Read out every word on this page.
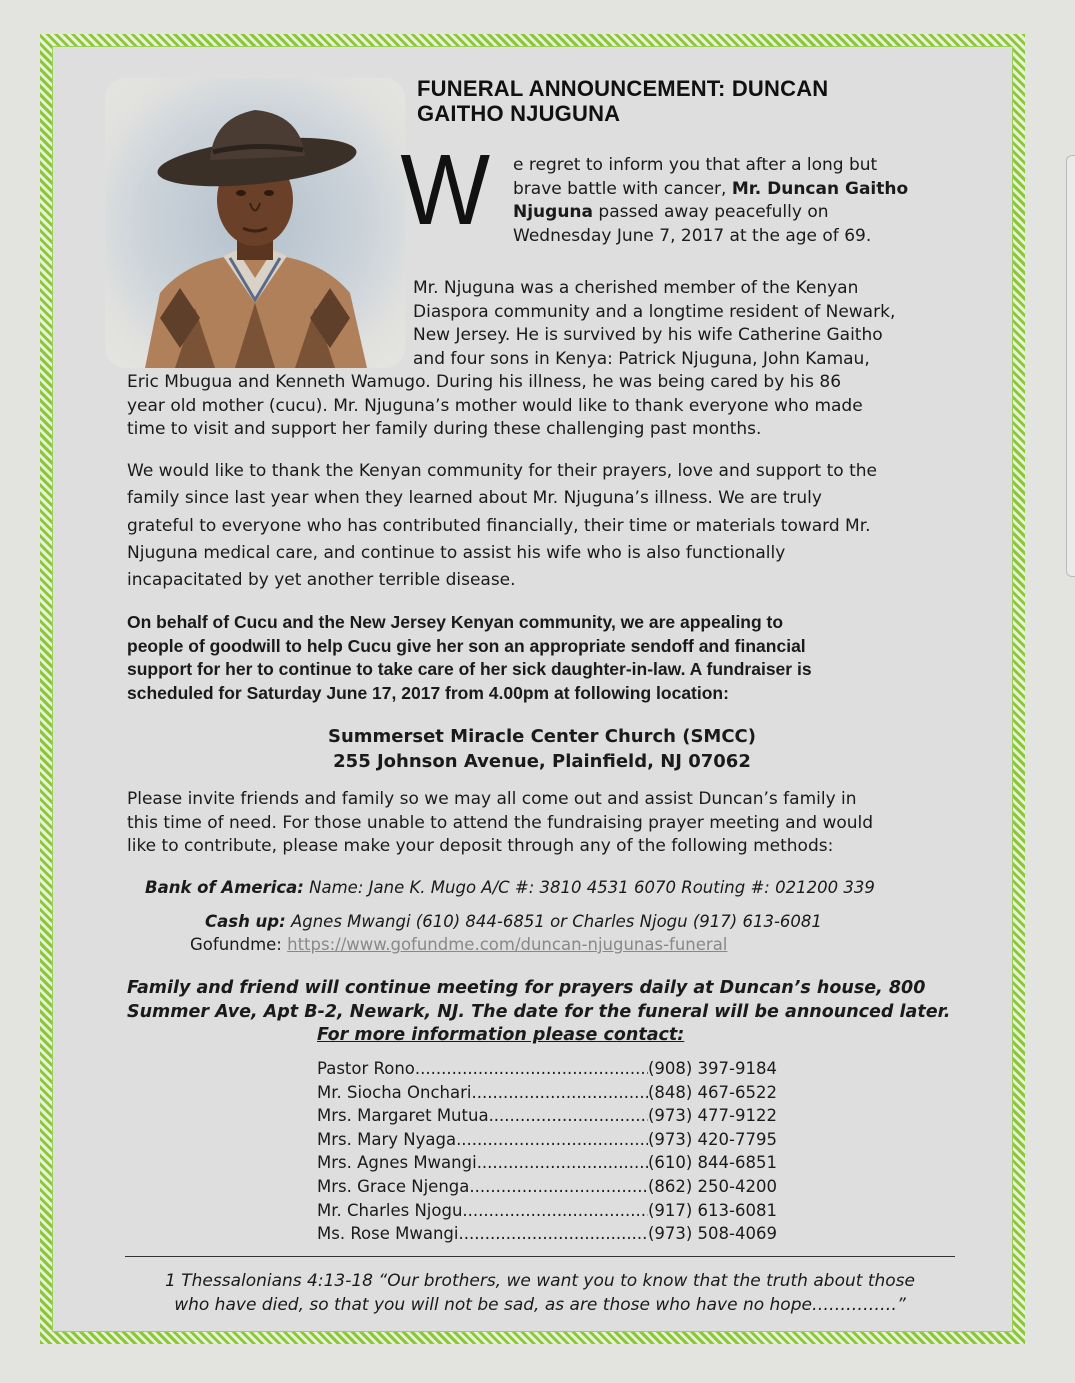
FUNERAL ANNOUNCEMENT: DUNCAN
GAITHO NJUGUNA
W e regret to inform you that after a long but
brave battle with cancer, Mr. Duncan Gaitho
Njuguna passed away peacefully on
Wednesday June 7, 2017 at the age of 69.

Mr. Njuguna was a cherished member of the Kenyan
Diaspora community and a longtime resident of Newark,
New Jersey. He is survived by his wife Catherine Gaitho
and four sons in Kenya: Patrick Njuguna, John Kamau,

Eric Mbugua and Kenneth Wamugo. During his illness, he was being cared by his 86
year old mother (cucu). Mr. Njuguna’s mother would like to thank everyone who made
time to visit and support her family during these challenging past months.

We would like to thank the Kenyan community for their prayers, love and support to the
family since last year when they learned about Mr. Njuguna’s illness. We are truly
grateful to everyone who has contributed financially, their time or materials toward Mr.
Njuguna medical care, and continue to assist his wife who is also functionally
incapacitated by yet another terrible disease.

On behalf of Cucu and the New Jersey Kenyan community, we are appealing to
people of goodwill to help Cucu give her son an appropriate sendoff and financial
support for her to continue to take care of her sick daughter-in-law. A fundraiser is
scheduled for Saturday June 17, 2017 from 4.00pm at following location:

Summerset Miracle Center Church (SMCC)
255 Johnson Avenue, Plainfield, NJ 07062

Please invite friends and family so we may all come out and assist Duncan’s family in
this time of need. For those unable to attend the fundraising prayer meeting and would
like to contribute, please make your deposit through any of the following methods:

Bank of America: Name: Jane K. Mugo A/C #: 3810 4531 6070 Routing #: 021200 339

Cash up: Agnes Mwangi (610) 844-6851 or Charles Njogu (917) 613-6081

Gofundme: https://www.gofundme.com/duncan-njugunas-funeral

Family and friend will continue meeting for prayers daily at Duncan’s house, 800
Summer Ave, Apt B-2, Newark, NJ. The date for the funeral will be announced later.

For more information please contact:

Pastor Rono .....	(908) 397-9184
Mr. Siocha Onchari .....	(848) 467-6522
Mrs. Margaret Mutua .....	(973) 477-9122
Mrs. Mary Nyaga .....	(973) 420-7795
Mrs. Agnes Mwangi .....	(610) 844-6851
Mrs. Grace Njenga .....	(862) 250-4200
Mr. Charles Njogu .....	(917) 613-6081
Ms. Rose Mwangi .....	(973) 508-4069

1 Thessalonians 4:13-18 “Our brothers, we want you to know that the truth about those
who have died, so that you will not be sad, as are those who have no hope……………”
